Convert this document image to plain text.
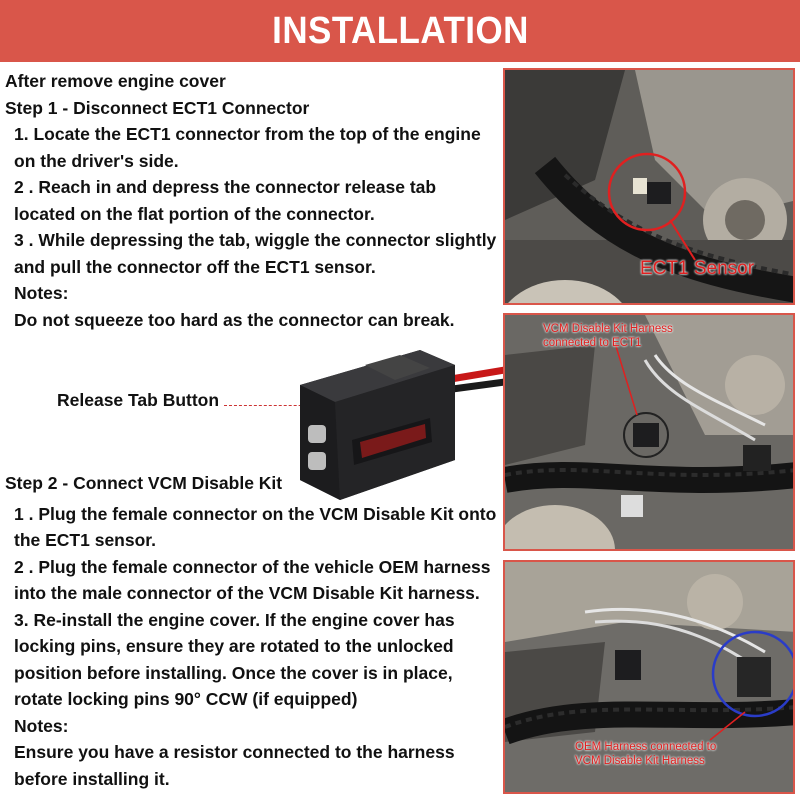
INSTALLATION

After remove engine cover

Step 1 - Disconnect ECT1 Connector

1. Locate the ECT1 connector from the top of the engine on the driver's side.

2 . Reach in and depress the connector release tab located on the flat portion of the connector.

3 . While depressing the tab, wiggle the connector slightly and pull the connector off the ECT1 sensor.

Notes:

Do not squeeze too hard as the connector can break.

Release Tab Button

Step 2 - Connect VCM Disable Kit

1 . Plug the female connector on the VCM Disable Kit onto the ECT1 sensor.

2 . Plug the female connector of the vehicle OEM harness into the male connector of the VCM Disable Kit harness.

3. Re-install the engine cover. If the engine cover has locking pins, ensure they are rotated to the unlocked position before installing. Once the cover is in place, rotate locking pins 90° CCW (if equipped)

Notes:

Ensure you have a resistor connected to the harness before installing it.

ECT1 Sensor
VCM Disable Kit Harness
connected to ECT1
OEM Harness connected to
VCM Disable Kit Harness
